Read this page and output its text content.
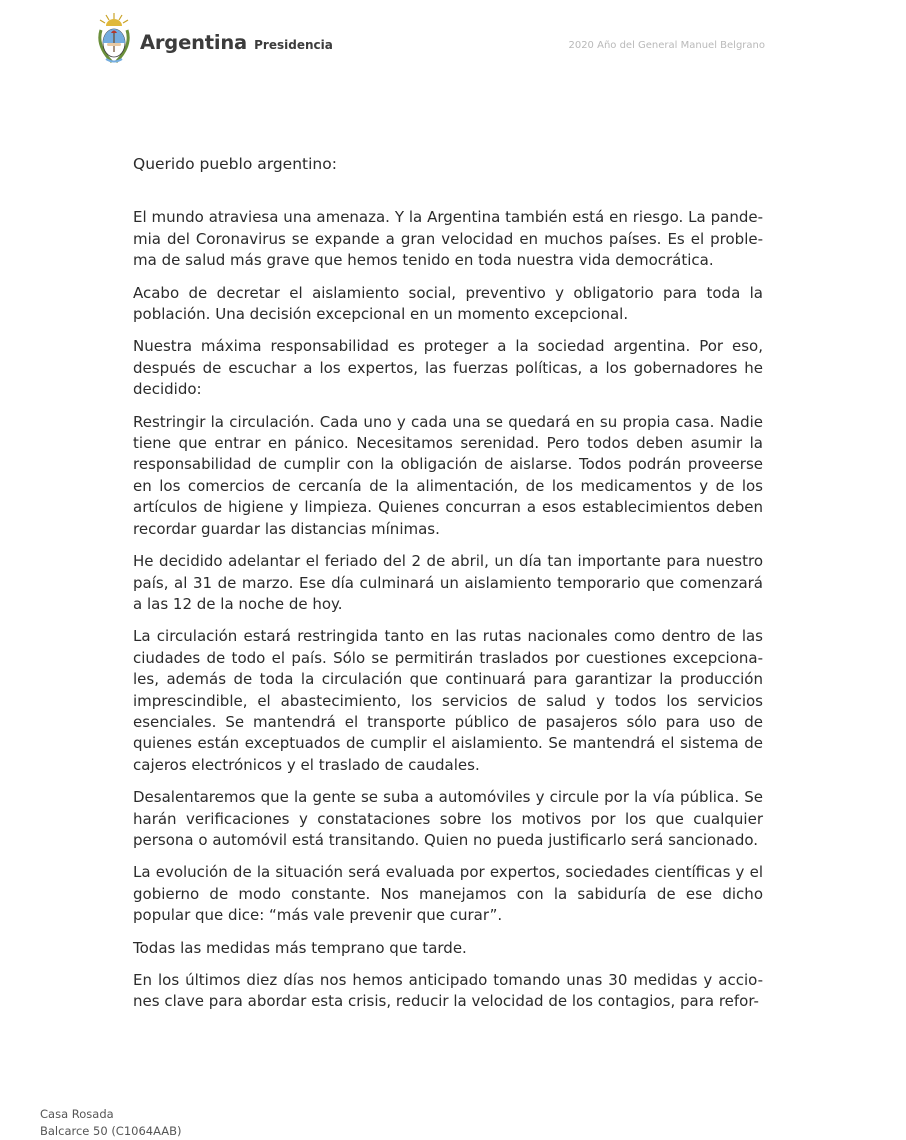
Argentina Presidencia	2020 Año del General Manuel Belgrano

Querido pueblo argentino:

El mundo atraviesa una amenaza. Y la Argentina también está en riesgo. La pande-mia del Coronavirus se expande a gran velocidad en muchos países. Es el proble-ma de salud más grave que hemos tenido en toda nuestra vida democrática.

Acabo de decretar el aislamiento social, preventivo y obligatorio para toda la población. Una decisión excepcional en un momento excepcional.

Nuestra máxima responsabilidad es proteger a la sociedad argentina. Por eso, después de escuchar a los expertos, las fuerzas políticas, a los gobernadores he decidido:

Restringir la circulación. Cada uno y cada una se quedará en su propia casa. Nadie tiene que entrar en pánico. Necesitamos serenidad. Pero todos deben asumir la responsabilidad de cumplir con la obligación de aislarse. Todos podrán proveerse en los comercios de cercanía de la alimentación, de los medicamentos y de los artículos de higiene y limpieza. Quienes concurran a esos establecimientos deben recordar guardar las distancias mínimas.

He decidido adelantar el feriado del 2 de abril, un día tan importante para nuestro país, al 31 de marzo. Ese día culminará un aislamiento temporario que comenzará a las 12 de la noche de hoy.

La circulación estará restringida tanto en las rutas nacionales como dentro de las ciudades de todo el país. Sólo se permitirán traslados por cuestiones excepciona-les, además de toda la circulación que continuará para garantizar la producción imprescindible, el abastecimiento, los servicios de salud y todos los servicios esenciales. Se mantendrá el transporte público de pasajeros sólo para uso de quienes están exceptuados de cumplir el aislamiento. Se mantendrá el sistema de cajeros electrónicos y el traslado de caudales.

Desalentaremos que la gente se suba a automóviles y circule por la vía pública. Se harán verificaciones y constataciones sobre los motivos por los que cualquier persona o automóvil está transitando. Quien no pueda justificarlo será sancionado.

La evolución de la situación será evaluada por expertos, sociedades científicas y el gobierno de modo constante. Nos manejamos con la sabiduría de ese dicho popular que dice: “más vale prevenir que curar”.

Todas las medidas más temprano que tarde.

En los últimos diez días nos hemos anticipado tomando unas 30 medidas y accio-nes clave para abordar esta crisis, reducir la velocidad de los contagios, para refor-

Casa Rosada
Balcarce 50 (C1064AAB)
